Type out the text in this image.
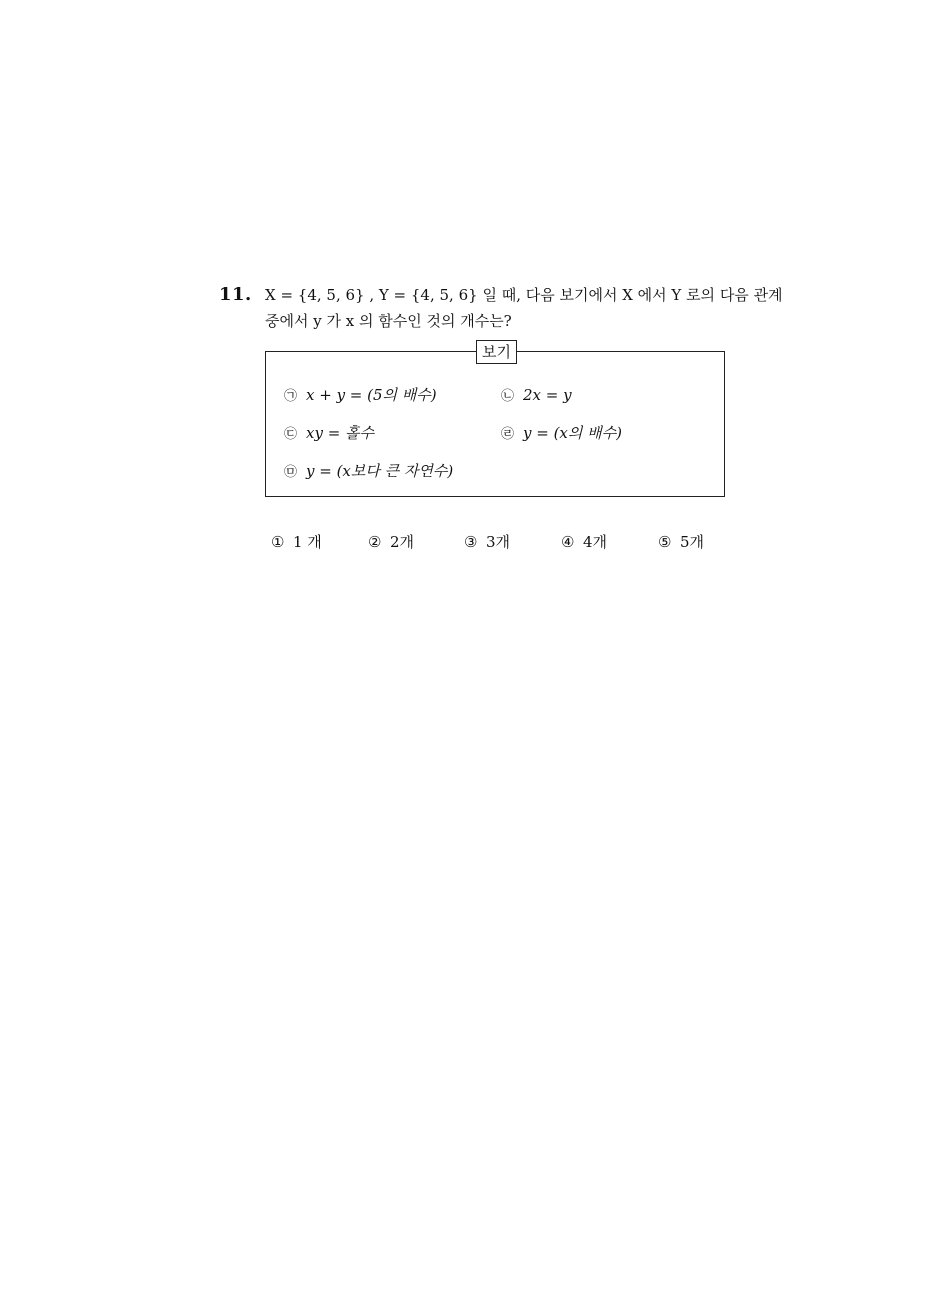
11. X = {4, 5, 6} , Y = {4, 5, 6} 일 때, 다음 보기에서 X 에서 Y 로의 다음 관계
중에서 y 가 x 의 함수인 것의 개수는?
보기
㉠ x + y = (5의 배수)	㉡ 2x = y
㉢ xy = 홀수	㉣ y = (x의 배수)
㉤ y = (x보다 큰 자연수)
① 1 개	② 2개	③ 3개	④ 4개	⑤ 5개
